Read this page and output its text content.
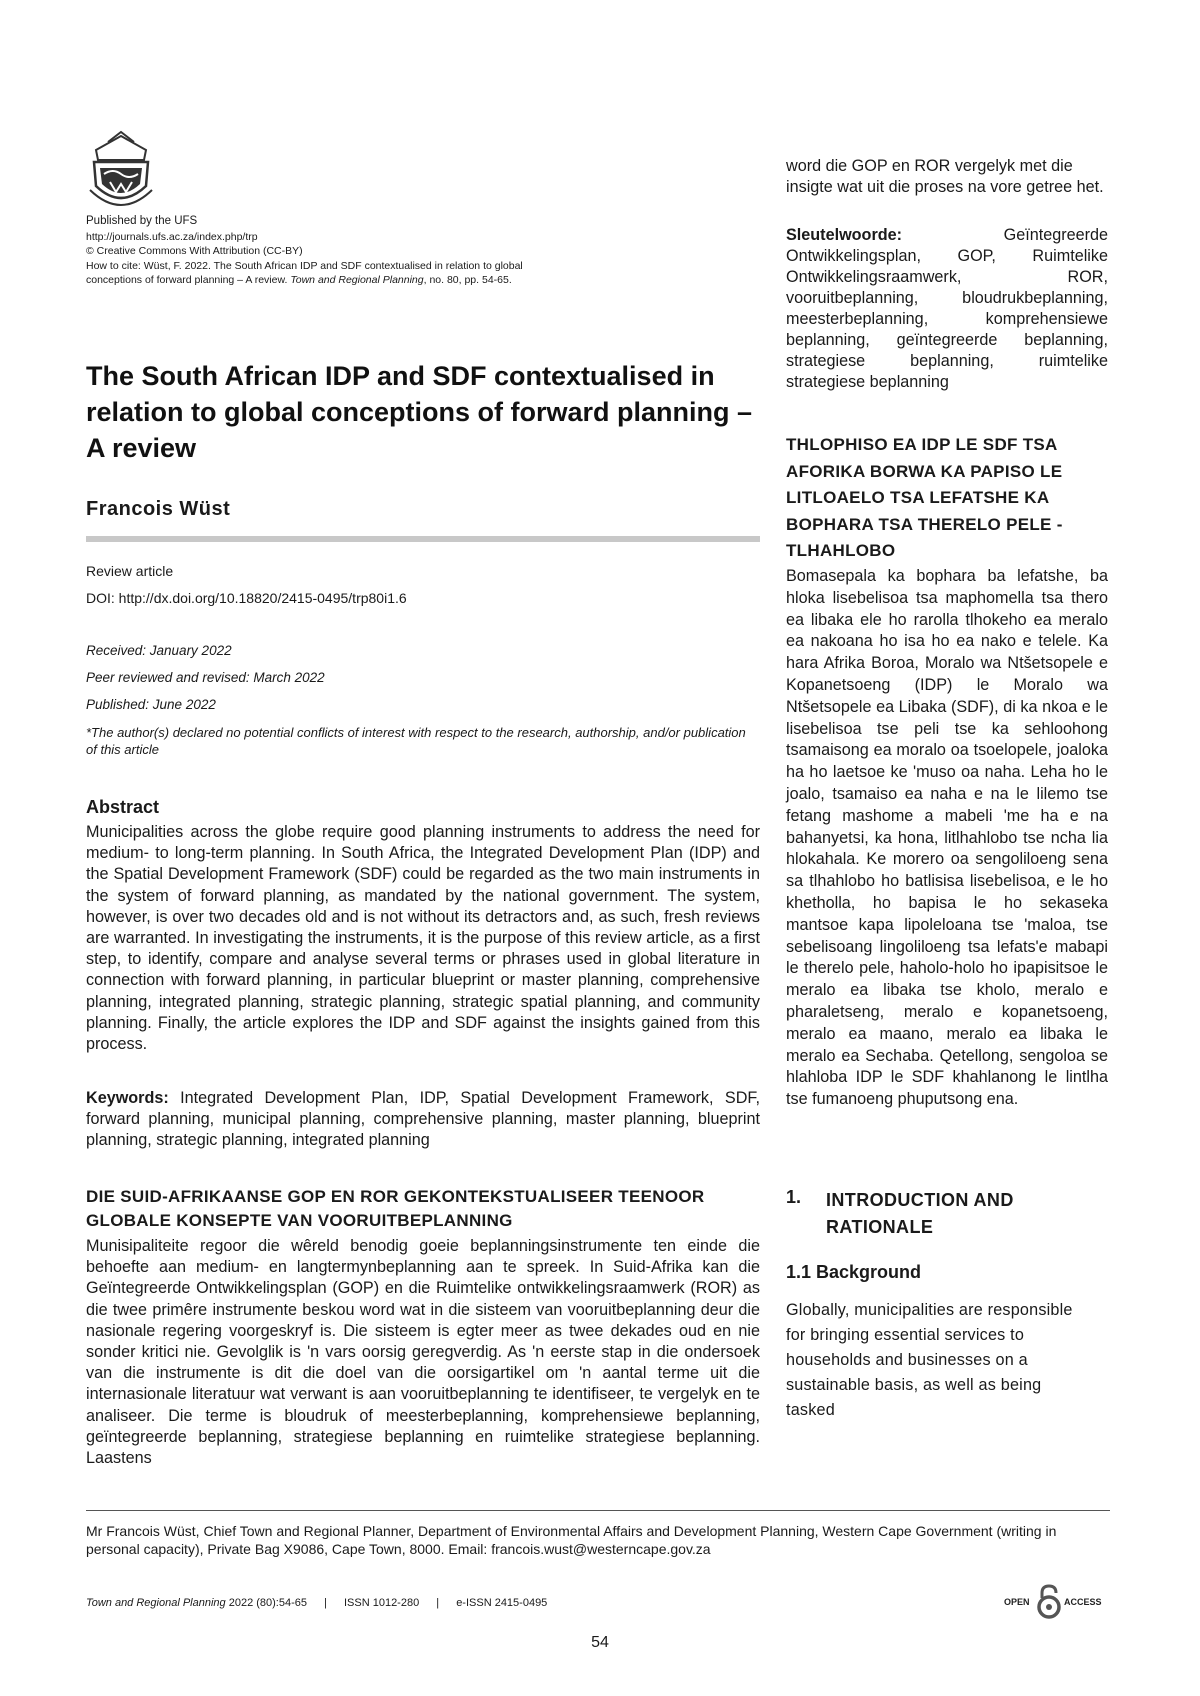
Published by the UFS
http://journals.ufs.ac.za/index.php/trp
© Creative Commons With Attribution (CC-BY)
How to cite: Wüst, F. 2022. The South African IDP and SDF contextualised in relation to global conceptions of forward planning – A review. Town and Regional Planning, no. 80, pp. 54-65.
The South African IDP and SDF contextualised in relation to global conceptions of forward planning – A review
Francois Wüst
Review article
DOI: http://dx.doi.org/10.18820/2415-0495/trp80i1.6
Received: January 2022
Peer reviewed and revised: March 2022
Published: June 2022
*The author(s) declared no potential conflicts of interest with respect to the research, authorship, and/or publication of this article
Abstract
Municipalities across the globe require good planning instruments to address the need for medium- to long-term planning. In South Africa, the Integrated Development Plan (IDP) and the Spatial Development Framework (SDF) could be regarded as the two main instruments in the system of forward planning, as mandated by the national government. The system, however, is over two decades old and is not without its detractors and, as such, fresh reviews are warranted. In investigating the instruments, it is the purpose of this review article, as a first step, to identify, compare and analyse several terms or phrases used in global literature in connection with forward planning, in particular blueprint or master planning, comprehensive planning, integrated planning, strategic planning, strategic spatial planning, and community planning. Finally, the article explores the IDP and SDF against the insights gained from this process.
Keywords: Integrated Development Plan, IDP, Spatial Development Framework, SDF, forward planning, municipal planning, comprehensive planning, master planning, blueprint planning, strategic planning, integrated planning
DIE SUID-AFRIKAANSE GOP EN ROR GEKONTEKSTUALISEER TEENOOR GLOBALE KONSEPTE VAN VOORUITBEPLANNING
Munisipaliteite regoor die wêreld benodig goeie beplanningsinstrumente ten einde die behoefte aan medium- en langtermynbeplanning aan te spreek. In Suid-Afrika kan die Geïntegreerde Ontwikkelingsplan (GOP) en die Ruimtelike ontwikkelingsraamwerk (ROR) as die twee primêre instrumente beskou word wat in die sisteem van vooruitbeplanning deur die nasionale regering voorgeskryf is. Die sisteem is egter meer as twee dekades oud en nie sonder kritici nie. Gevolglik is 'n vars oorsig geregverdig. As 'n eerste stap in die ondersoek van die instrumente is dit die doel van die oorsigartikel om 'n aantal terme uit die internasionale literatuur wat verwant is aan vooruitbeplanning te identifiseer, te vergelyk en te analiseer. Die terme is bloudruk of meesterbeplanning, komprehensiewe beplanning, geïntegreerde beplanning, strategiese beplanning en ruimtelike strategiese beplanning. Laastens
word die GOP en ROR vergelyk met die insigte wat uit die proses na vore getree het.
Sleutelwoorde: Geïntegreerde Ontwikkelingsplan, GOP, Ruimtelike Ontwikkelingsraamwerk, ROR, vooruitbeplanning, bloudrukbeplanning, meesterbeplanning, komprehensiewe beplanning, geïntegreerde beplanning, strategiese beplanning, ruimtelike strategiese beplanning
THLOPHISO EA IDP LE SDF TSA AFORIKA BORWA KA PAPISO LE LITLOAELO TSA LEFATSHE KA BOPHARA TSA THERELO PELE - TLHAHLOBO
Bomasepala ka bophara ba lefatshe, ba hloka lisebelisoa tsa maphomella tsa thero ea libaka ele ho rarolla tlhokeho ea meralo ea nakoana ho isa ho ea nako e telele. Ka hara Afrika Boroa, Moralo wa Ntšetsopele e Kopanetsoeng (IDP) le Moralo wa Ntšetsopele ea Libaka (SDF), di ka nkoa e le lisebelisoa tse peli tse ka sehloohong tsamaisong ea moralo oa tsoelopele, joaloka ha ho laetsoe ke 'muso oa naha. Leha ho le joalo, tsamaiso ea naha e na le lilemo tse fetang mashome a mabeli 'me ha e na bahanyetsi, ka hona, litlhahlobo tse ncha lia hlokahala. Ke morero oa sengoliloeng sena sa tlhahlobo ho batlisisa lisebelisoa, e le ho khetholla, ho bapisa le ho sekaseka mantsoe kapa lipoleloana tse 'maloa, tse sebelisoang lingoliloeng tsa lefats'e mabapi le therelo pele, haholo-holo ho ipapisitsoe le meralo ea libaka tse kholo, meralo e pharaletseng, meralo e kopanetsoeng, meralo ea maano, meralo ea libaka le meralo ea Sechaba. Qetellong, sengoloa se hlahloba IDP le SDF khahlanong le lintlha tse fumanoeng phuputsong ena.
1. INTRODUCTION AND RATIONALE
1.1 Background
Globally, municipalities are responsible for bringing essential services to households and businesses on a sustainable basis, as well as being tasked
Mr Francois Wüst, Chief Town and Regional Planner, Department of Environmental Affairs and Development Planning, Western Cape Government (writing in personal capacity), Private Bag X9086, Cape Town, 8000. Email: francois.wust@westerncape.gov.za
Town and Regional Planning 2022 (80):54-65 | ISSN 1012-280 | e-ISSN 2415-0495	OPEN	ACCESS
54
